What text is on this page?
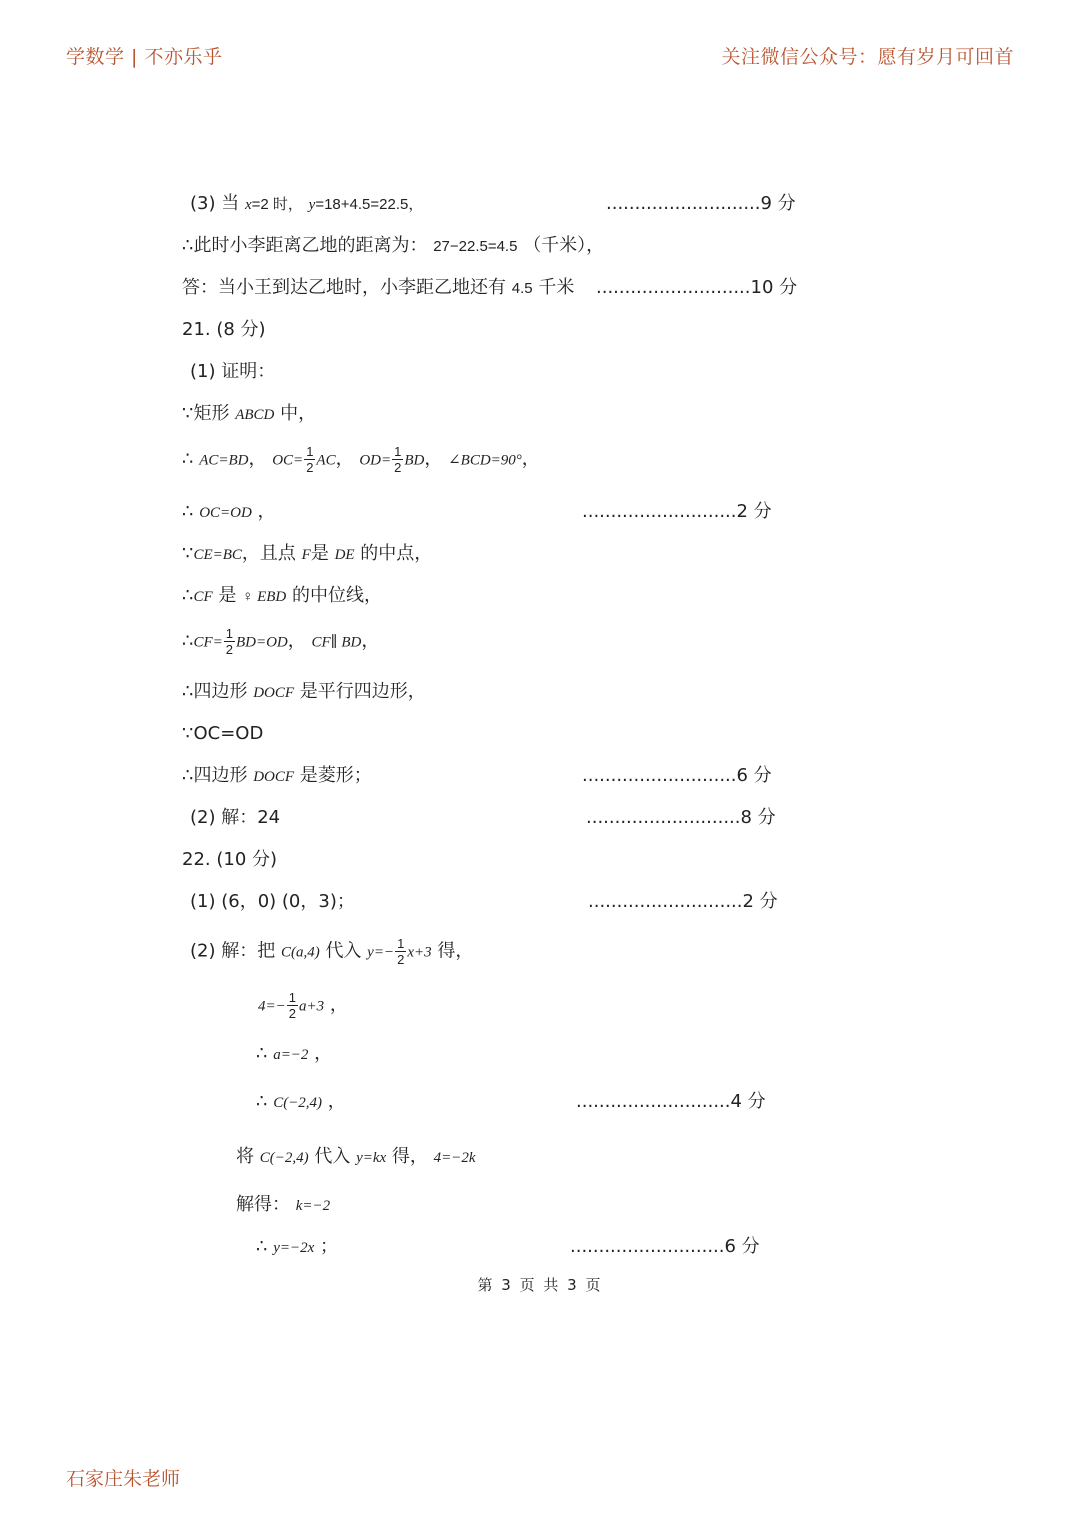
学数学 | 不亦乐乎	关注微信公众号：愿有岁月可回首
(3) 当 x=2 时， y=18+4.5=22.5，	...........................9 分
∴此时小李距离乙地的距离为： 27−22.5=4.5 （千米），
答：当小王到达乙地时，小李距乙地还有 4.5 千米 ...........................10 分
21. (8 分)
(1) 证明：
∵矩形 ABCD 中，
∴ AC=BD， $OC= \frac{1}{2}$ AC， $OD= \frac{1}{2}$ BD， ∠BCD=90°，
∴ OC=OD ，	...........................2 分
∵CE=BC，且点 F是 DE 的中点，
∴CF 是 ♀ EBD 的中位线，
∴CF= $\frac{1}{2} BD=OD$， CF∥ BD，
∴四边形 DOCF 是平行四边形，
∵OC=OD
∴四边形 DOCF 是菱形；	...........................6 分
(2) 解：24	...........................8 分
22. (10 分)
(1) (6，0) (0，3)；	...........................2 分
(2) 解：把 C(a,4) 代入 $y=- \frac{1}{2} x+3$ 得，
$4=- \frac{1}{2} a+3$ ，
∴ a=−2 ，
∴ C(−2,4) ，	...........................4 分
将 C(−2,4) 代入 y=kx 得， 4=−2k
解得： k=−2
∴ y=−2x ；	...........................6 分
第 3 页 共 3 页
石家庄朱老师
